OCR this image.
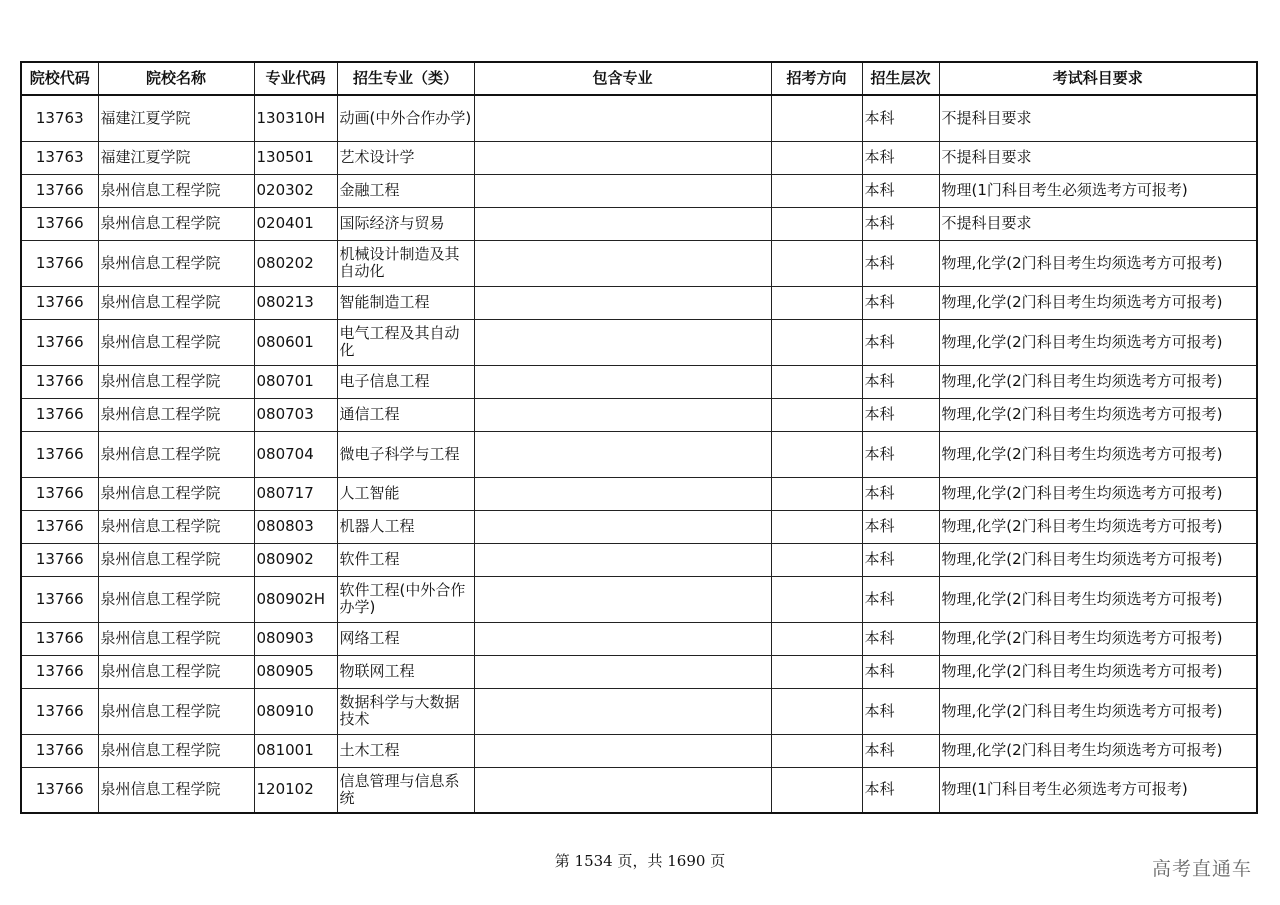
院校代码	院校名称	专业代码	招生专业（类）	包含专业	招考方向	招生层次	考试科目要求
13763	福建江夏学院	130310H	动画(中外合作办学)			本科	不提科目要求
13763	福建江夏学院	130501	艺术设计学			本科	不提科目要求
13766	泉州信息工程学院	020302	金融工程			本科	物理(1门科目考生必须选考方可报考)
13766	泉州信息工程学院	020401	国际经济与贸易			本科	不提科目要求
13766	泉州信息工程学院	080202	机械设计制造及其自动化			本科	物理,化学(2门科目考生均须选考方可报考)
13766	泉州信息工程学院	080213	智能制造工程			本科	物理,化学(2门科目考生均须选考方可报考)
13766	泉州信息工程学院	080601	电气工程及其自动化			本科	物理,化学(2门科目考生均须选考方可报考)
13766	泉州信息工程学院	080701	电子信息工程			本科	物理,化学(2门科目考生均须选考方可报考)
13766	泉州信息工程学院	080703	通信工程			本科	物理,化学(2门科目考生均须选考方可报考)
13766	泉州信息工程学院	080704	微电子科学与工程			本科	物理,化学(2门科目考生均须选考方可报考)
13766	泉州信息工程学院	080717	人工智能			本科	物理,化学(2门科目考生均须选考方可报考)
13766	泉州信息工程学院	080803	机器人工程			本科	物理,化学(2门科目考生均须选考方可报考)
13766	泉州信息工程学院	080902	软件工程			本科	物理,化学(2门科目考生均须选考方可报考)
13766	泉州信息工程学院	080902H	软件工程(中外合作办学)			本科	物理,化学(2门科目考生均须选考方可报考)
13766	泉州信息工程学院	080903	网络工程			本科	物理,化学(2门科目考生均须选考方可报考)
13766	泉州信息工程学院	080905	物联网工程			本科	物理,化学(2门科目考生均须选考方可报考)
13766	泉州信息工程学院	080910	数据科学与大数据技术			本科	物理,化学(2门科目考生均须选考方可报考)
13766	泉州信息工程学院	081001	土木工程			本科	物理,化学(2门科目考生均须选考方可报考)
13766	泉州信息工程学院	120102	信息管理与信息系统			本科	物理(1门科目考生必须选考方可报考)
第 1534 页，共 1690 页	高考直通车
